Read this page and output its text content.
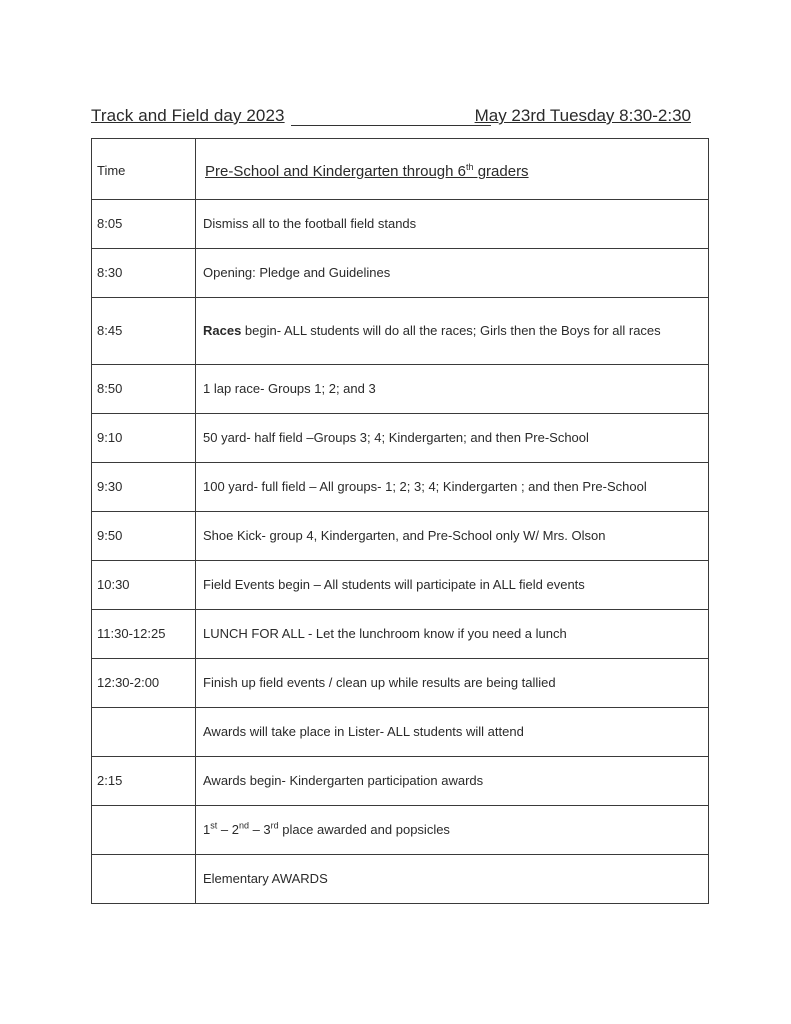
Track and Field day 2023	May 23rd Tuesday 8:30-2:30
Time	Pre-School and Kindergarten through 6th graders
8:05	Dismiss all to the football field stands
8:30	Opening: Pledge and Guidelines
8:45	Races begin- ALL students will do all the races; Girls then the Boys for all races
8:50	1 lap race- Groups 1; 2; and 3
9:10	50 yard- half field –Groups 3; 4; Kindergarten; and then Pre-School
9:30	100 yard- full field – All groups- 1; 2; 3; 4; Kindergarten ; and then Pre-School
9:50	Shoe Kick- group 4, Kindergarten, and Pre-School only W/ Mrs. Olson
10:30	Field Events begin – All students will participate in ALL field events
11:30-12:25	LUNCH FOR ALL - Let the lunchroom know if you need a lunch
12:30-2:00	Finish up field events / clean up while results are being tallied
	Awards will take place in Lister- ALL students will attend
2:15	Awards begin- Kindergarten participation awards
	1st – 2nd – 3rd place awarded and popsicles
	Elementary AWARDS
